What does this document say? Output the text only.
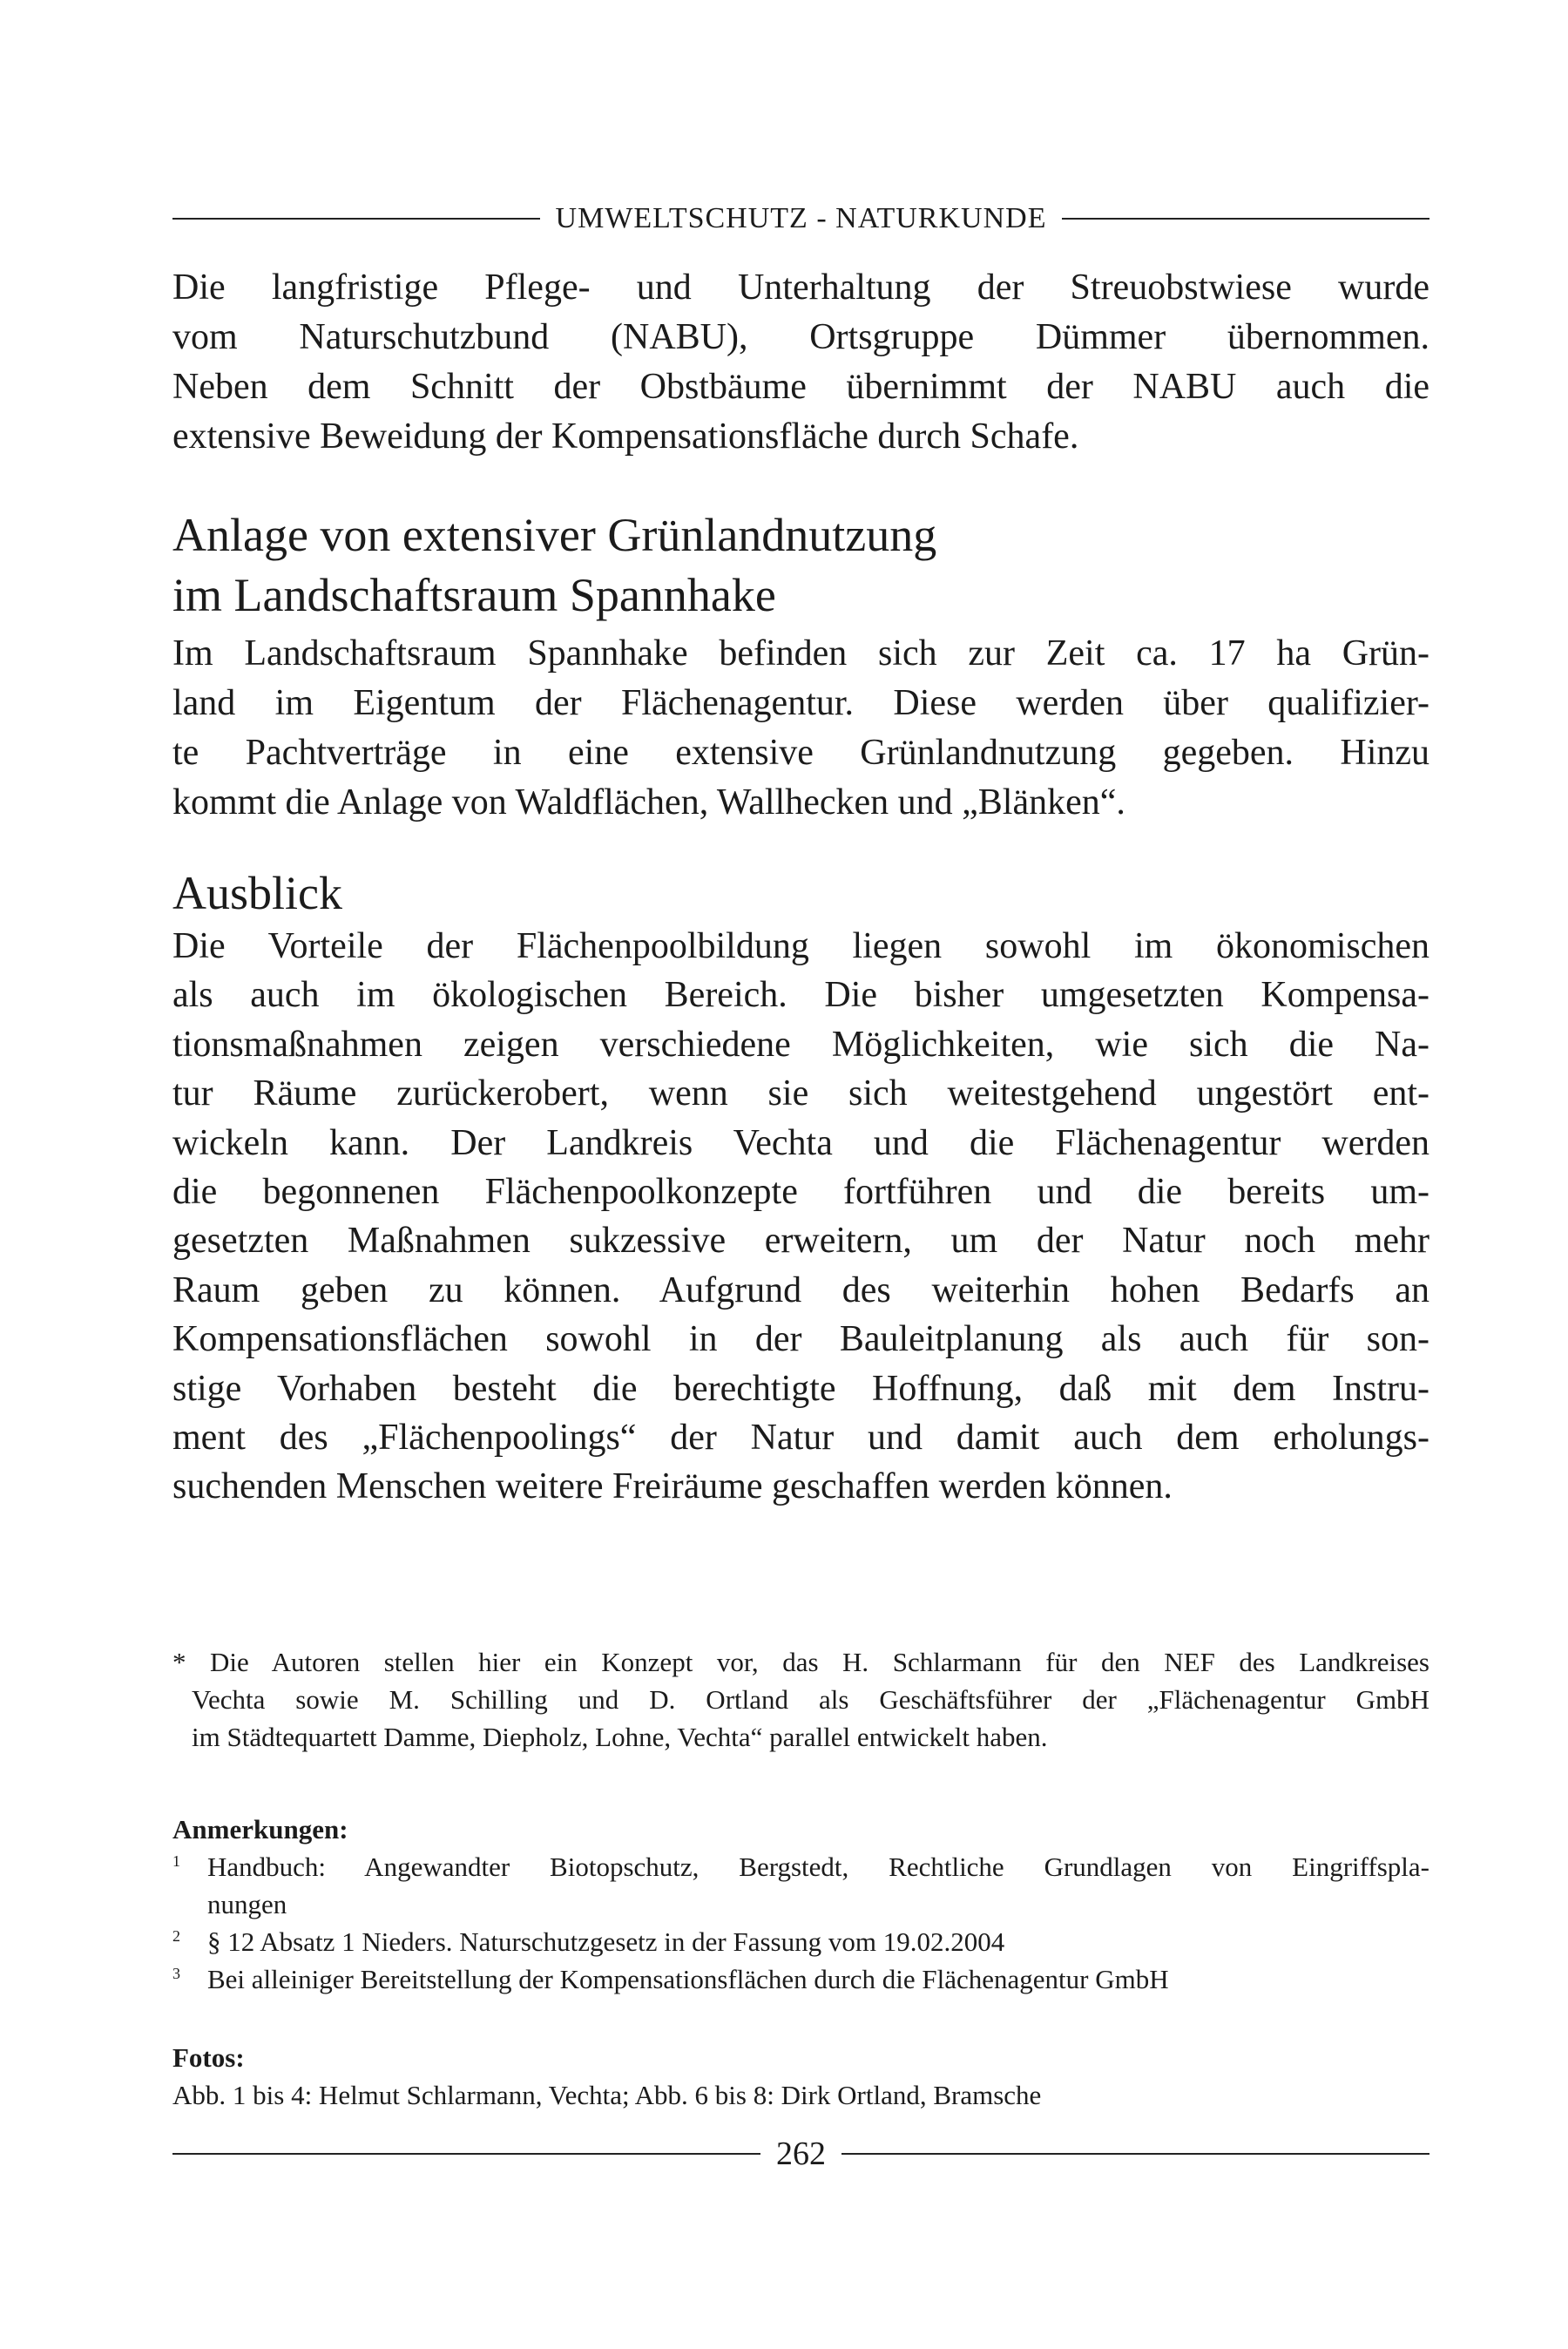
UMWELTSCHUTZ - NATURKUNDE
Die langfristige Pflege- und Unterhaltung der Streuobstwiese wurde
vom Naturschutzbund (NABU), Ortsgruppe Dümmer übernommen.
Neben dem Schnitt der Obstbäume übernimmt der NABU auch die
extensive Beweidung der Kompensationsfläche durch Schafe.
Anlage von extensiver Grünlandnutzung
im Landschaftsraum Spannhake
Im Landschaftsraum Spannhake befinden sich zur Zeit ca. 17 ha Grün-
land im Eigentum der Flächenagentur. Diese werden über qualifizier-
te Pachtverträge in eine extensive Grünlandnutzung gegeben. Hinzu
kommt die Anlage von Waldflächen, Wallhecken und „Blänken“.
Ausblick
Die Vorteile der Flächenpoolbildung liegen sowohl im ökonomischen
als auch im ökologischen Bereich. Die bisher umgesetzten Kompensa-
tionsmaßnahmen zeigen verschiedene Möglichkeiten, wie sich die Na-
tur Räume zurückerobert, wenn sie sich weitestgehend ungestört ent-
wickeln kann. Der Landkreis Vechta und die Flächenagentur werden
die begonnenen Flächenpoolkonzepte fortführen und die bereits um-
gesetzten Maßnahmen sukzessive erweitern, um der Natur noch mehr
Raum geben zu können. Aufgrund des weiterhin hohen Bedarfs an
Kompensationsflächen sowohl in der Bauleitplanung als auch für son-
stige Vorhaben besteht die berechtigte Hoffnung, daß mit dem Instru-
ment des „Flächenpoolings“ der Natur und damit auch dem erholungs-
suchenden Menschen weitere Freiräume geschaffen werden können.
* Die Autoren stellen hier ein Konzept vor, das H. Schlarmann für den NEF des Landkreises
Vechta sowie M. Schilling und D. Ortland als Geschäftsführer der „Flächenagentur GmbH
im Städtequartett Damme, Diepholz, Lohne, Vechta“ parallel entwickelt haben.
Anmerkungen:
1	Handbuch: Angewandter Biotopschutz, Bergstedt, Rechtliche Grundlagen von Eingriffspla-
nungen
2	§ 12 Absatz 1 Nieders. Naturschutzgesetz in der Fassung vom 19.02.2004
3	Bei alleiniger Bereitstellung der Kompensationsflächen durch die Flächenagentur GmbH
Fotos:
Abb. 1 bis 4: Helmut Schlarmann, Vechta; Abb. 6 bis 8: Dirk Ortland, Bramsche
262
